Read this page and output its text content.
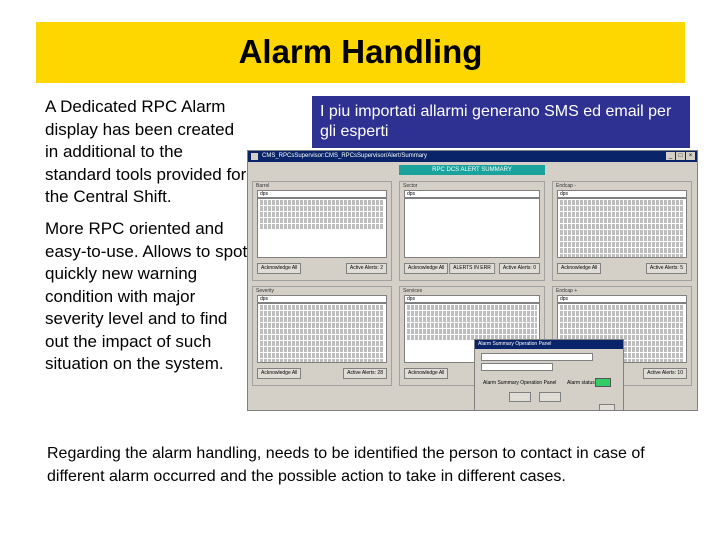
Alarm Handling

A Dedicated RPC Alarm display has been created in additional to the standard tools provided for the Central Shift.

More RPC oriented and easy-to-use. Allows to spot quickly new warning condition with major severity level and to find out the impact of such situation on the system.

I piu importati allarmi generano SMS ed email per gli esperti
CMS_RPCsSupervisor:CMS_RPCsSupervisor/Alert/Summary	_	□	×
RPC DCS ALERT SUMMARY
Barrel
dps
Acknowledge All	Active Alerts: 2
Sector
dps
Acknowledge All	ALERTS IN ERR	Active Alerts: 0
Endcap -
dps
Acknowledge All	Active Alerts: 5
Severity
dps
Acknowledge All	Active Alerts: 28
Services
dps
Acknowledge All
Endcap +
dps
Active Alerts: 10
Alarm Summary Operation Panel
Alarm Summary Operation Panel Alarm status

Regarding the alarm handling, needs to be identified the person to contact in case of different alarm occurred and the possible action to take in different cases.
